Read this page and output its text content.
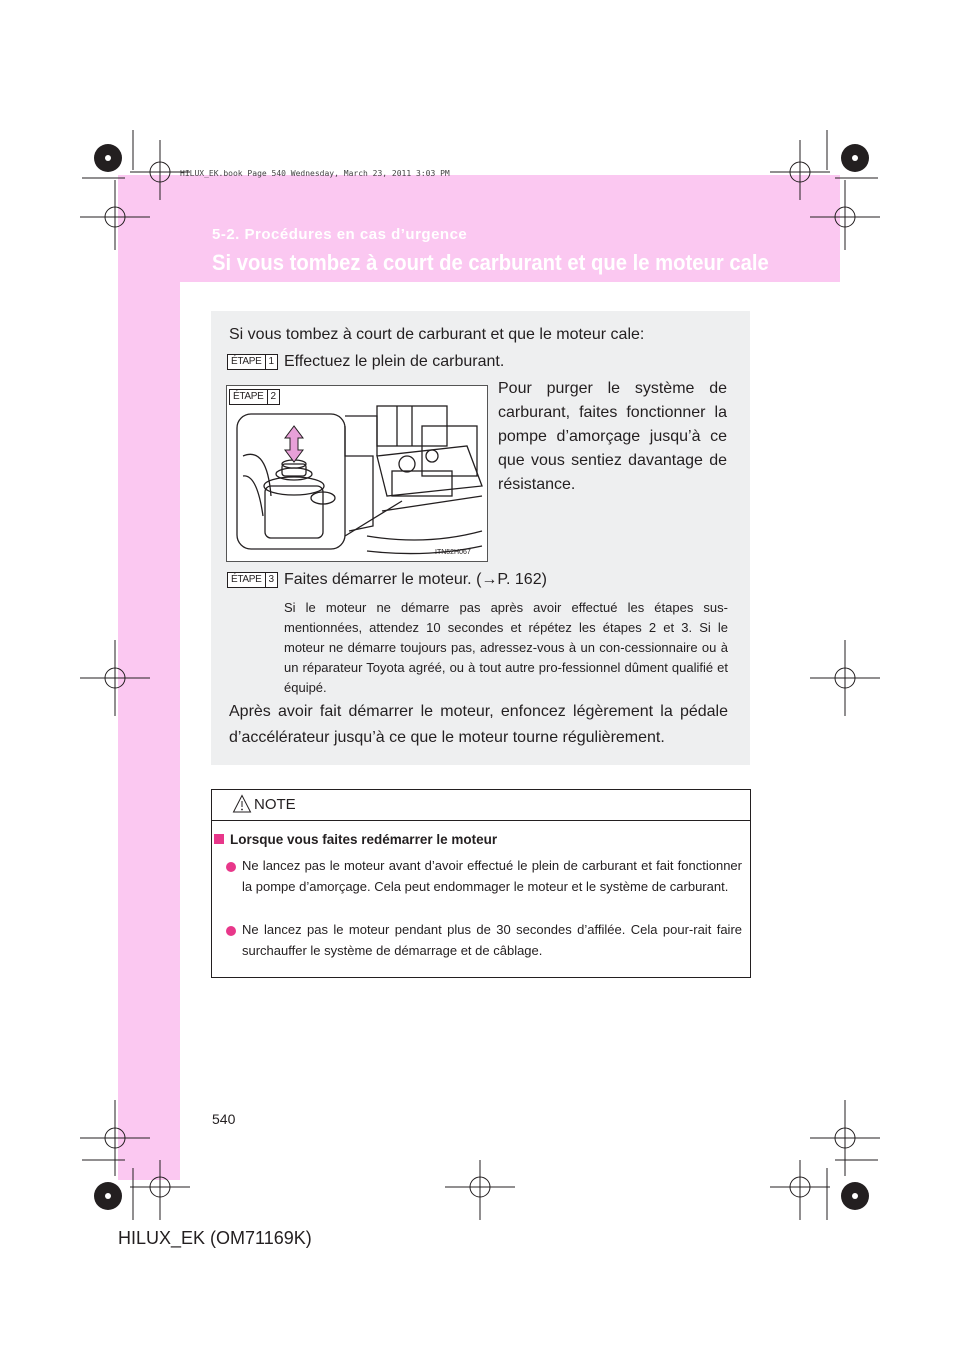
HILUX_EK.book Page 540 Wednesday, March 23, 2011 3:03 PM
5-2. Procédures en cas d’urgence
Si vous tombez à court de carburant et que le moteur cale
Si vous tombez à court de carburant et que le moteur cale:
ÉTAPE 1 Effectuez le plein de carburant.
ITN52H067
ÉTAPE 2	Pour purger le système de carburant, faites fonctionner la pompe d’amorçage jusqu’à ce que vous sentiez davantage de résistance.
ÉTAPE 3 Faites démarrer le moteur. (→P. 162)
Si le moteur ne démarre pas après avoir effectué les étapes sus-mentionnées, attendez 10 secondes et répétez les étapes 2 et 3. Si le moteur ne démarre toujours pas, adressez-vous à un con-cessionnaire ou à un réparateur Toyota agréé, ou à tout autre pro-fessionnel dûment qualifié et équipé.
Après avoir fait démarrer le moteur, enfoncez légèrement la pédale d’accélérateur jusqu’à ce que le moteur tourne régulièrement.
NOTE
Lorsque vous faites redémarrer le moteur
Ne lancez pas le moteur avant d’avoir effectué le plein de carburant et fait fonctionner la pompe d’amorçage. Cela peut endommager le moteur et le système de carburant.
Ne lancez pas le moteur pendant plus de 30 secondes d’affilée. Cela pour-rait faire surchauffer le système de démarrage et de câblage.
540
HILUX_EK (OM71169K)
